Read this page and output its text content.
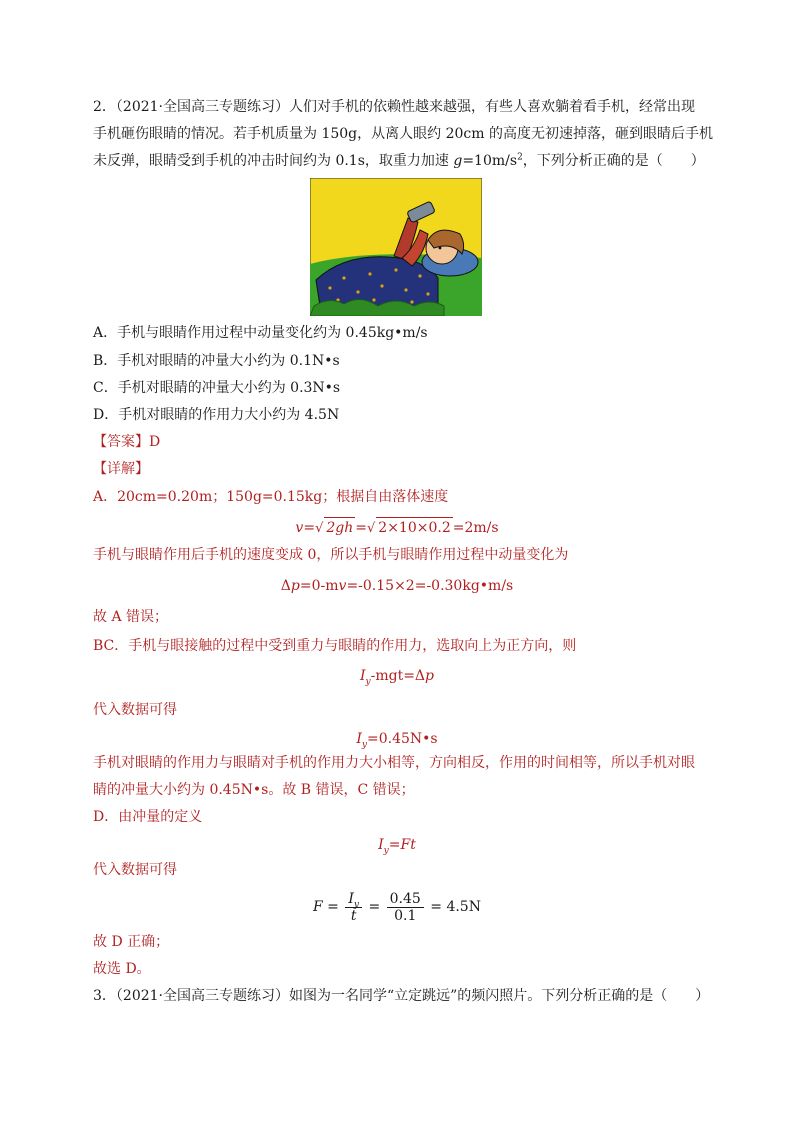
2．（2021·全国高三专题练习）人们对手机的依赖性越来越强，有些人喜欢躺着看手机，经常出现
手机砸伤眼睛的情况。若手机质量为 150g，从离人眼约 20cm 的高度无初速掉落，砸到眼睛后手机
未反弹，眼睛受到手机的冲击时间约为 0.1s，取重力加速 $g=10m/s^2$，下列分析正确的是（　　）
A．手机与眼睛作用过程中动量变化约为 0.45kg•m/s
B．手机对眼睛的冲量大小约为 0.1N•s
C．手机对眼睛的冲量大小约为 0.3N•s
D．手机对眼睛的作用力大小约为 4.5N
【答案】D
【详解】
A．20cm=0.20m；150g=0.15kg；根据自由落体速度
v=√ 2gh =√ 2×10×0.2 =2m/s
手机与眼睛作用后手机的速度变成 0，所以手机与眼睛作用过程中动量变化为
Δp=0-mv=-0.15×2=-0.30kg•m/s
故 A 错误；
BC．手机与眼接触的过程中受到重力与眼睛的作用力，选取向上为正方向，则
$I_y-mgt=\Delta p$
代入数据可得
$I_y=0.45N•s$
手机对眼睛的作用力与眼睛对手机的作用力大小相等，方向相反，作用的时间相等，所以手机对眼
睛的冲量大小约为 0.45N•s。故 B 错误，C 错误；
D．由冲量的定义
$I_y=Ft$
代入数据可得
$F = \frac{I_y}{t} = \frac{0.45}{0.1} = 4.5N$
故 D 正确；
故选 D。
3．（2021·全国高三专题练习）如图为一名同学“立定跳远”的频闪照片。下列分析正确的是（　　）
